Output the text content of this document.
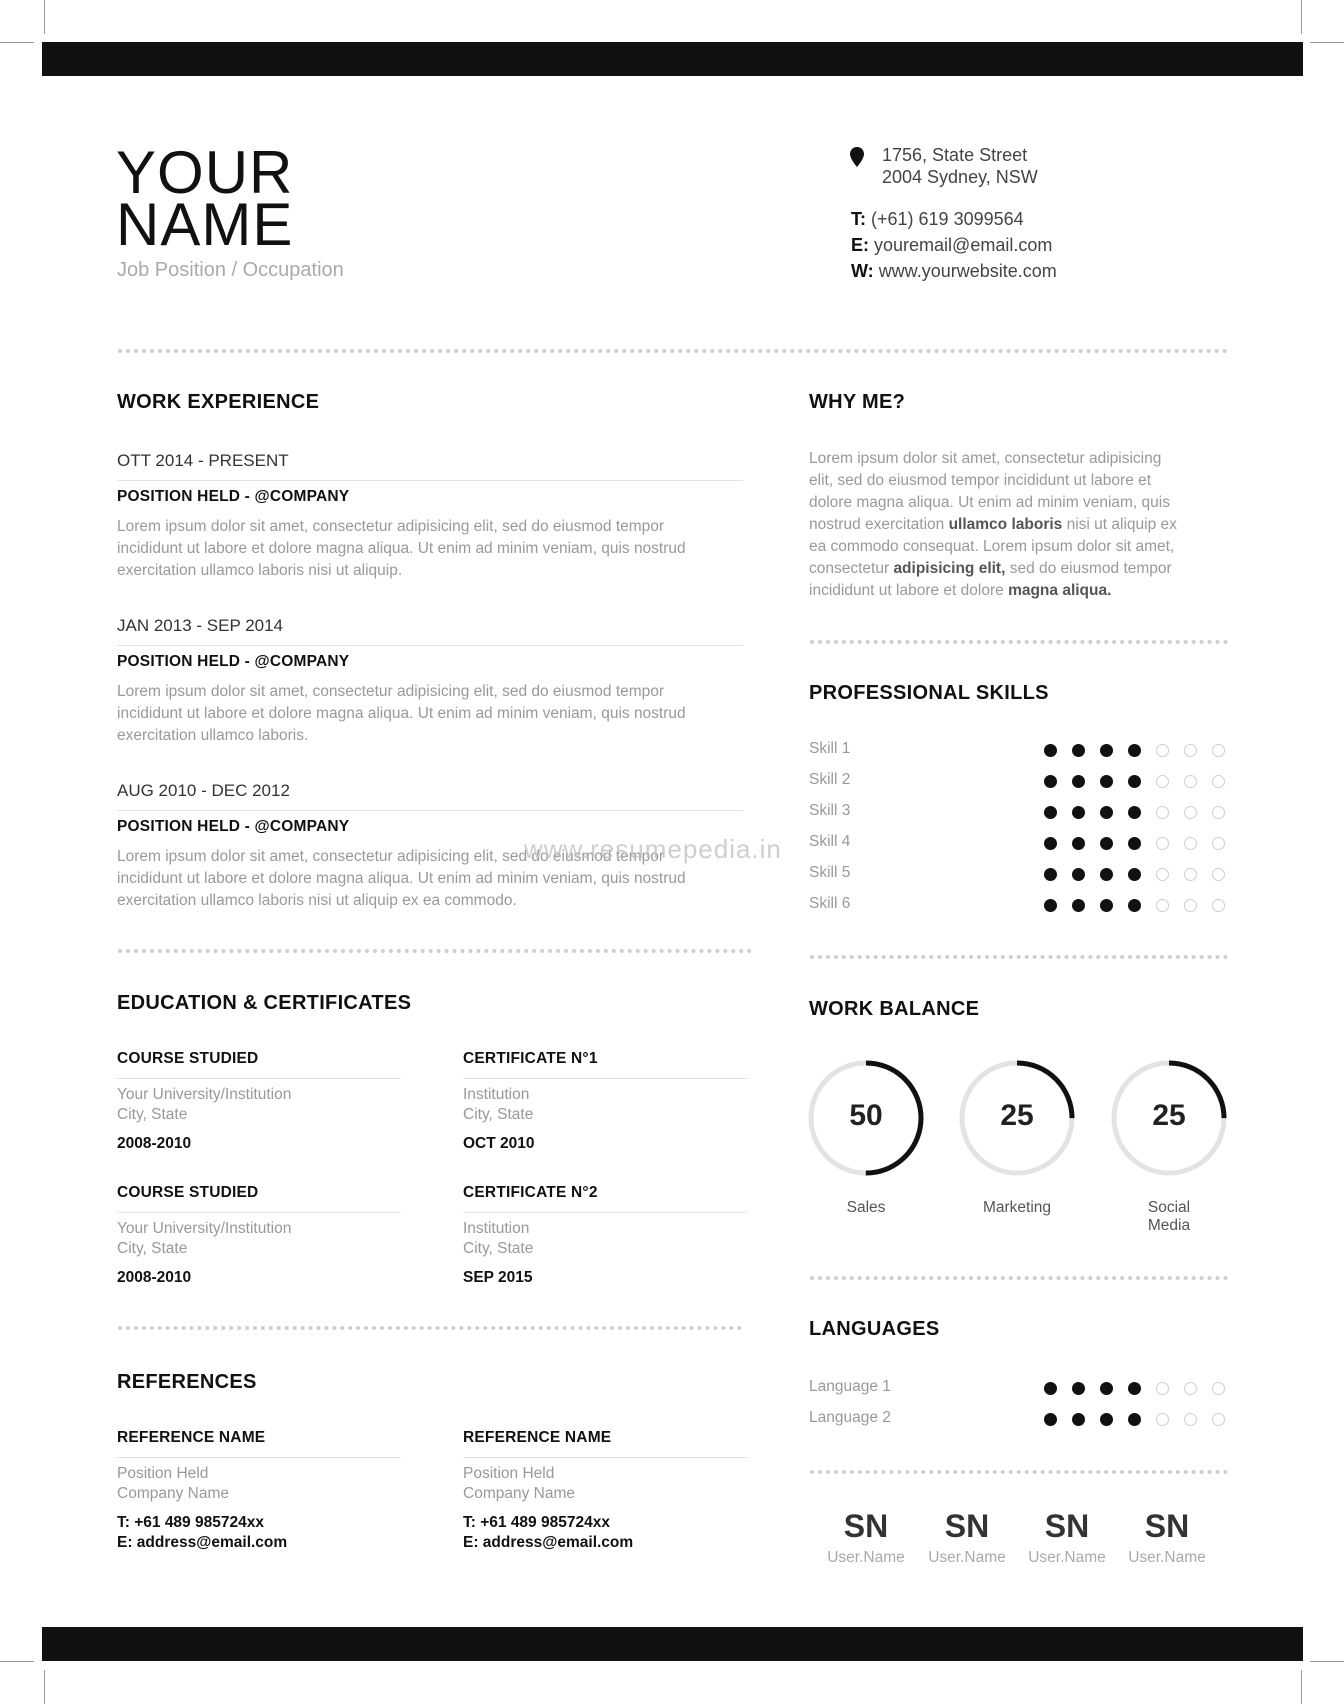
YOUR
NAME
Job Position / Occupation
1756, State Street
2004 Sydney, NSW
T: (+61) 619 3099564
E: youremail@email.com
W: www.yourwebsite.com
WORK EXPERIENCE
OTT 2014 - PRESENT
POSITION HELD - @COMPANY
Lorem ipsum dolor sit amet, consectetur adipisicing elit, sed do eiusmod tempor
incididunt ut labore et dolore magna aliqua. Ut enim ad minim veniam, quis nostrud
exercitation ullamco laboris nisi ut aliquip.
JAN 2013 - SEP 2014
POSITION HELD - @COMPANY
Lorem ipsum dolor sit amet, consectetur adipisicing elit, sed do eiusmod tempor
incididunt ut labore et dolore magna aliqua. Ut enim ad minim veniam, quis nostrud
exercitation ullamco laboris.
AUG 2010 - DEC 2012
POSITION HELD - @COMPANY
Lorem ipsum dolor sit amet, consectetur adipisicing elit, sed do eiusmod tempor
incididunt ut labore et dolore magna aliqua. Ut enim ad minim veniam, quis nostrud
exercitation ullamco laboris nisi ut aliquip ex ea commodo.
WHY ME?
Lorem ipsum dolor sit amet, consectetur adipisicing
elit, sed do eiusmod tempor incididunt ut labore et
dolore magna aliqua. Ut enim ad minim veniam, quis
nostrud exercitation ullamco laboris nisi ut aliquip ex
ea commodo consequat. Lorem ipsum dolor sit amet,
consectetur adipisicing elit, sed do eiusmod tempor
incididunt ut labore et dolore magna aliqua.
PROFESSIONAL SKILLS
Skill 1
Skill 2
Skill 3
Skill 4
Skill 5
Skill 6
www.resumepedia.in
EDUCATION & CERTIFICATES
COURSE STUDIED
Your University/Institution
City, State
2008-2010
CERTIFICATE N°1
Institution
City, State
OCT 2010
COURSE STUDIED
Your University/Institution
City, State
2008-2010
CERTIFICATE N°2
Institution
City, State
SEP 2015
WORK BALANCE
50
Sales
25
Marketing
25
Social
Media
REFERENCES
REFERENCE NAME
Position Held
Company Name
T: +61 489 985724xx
E: address@email.com
REFERENCE NAME
Position Held
Company Name
T: +61 489 985724xx
E: address@email.com
LANGUAGES
Language 1
Language 2
SN
User.Name
SN
User.Name
SN
User.Name
SN
User.Name
